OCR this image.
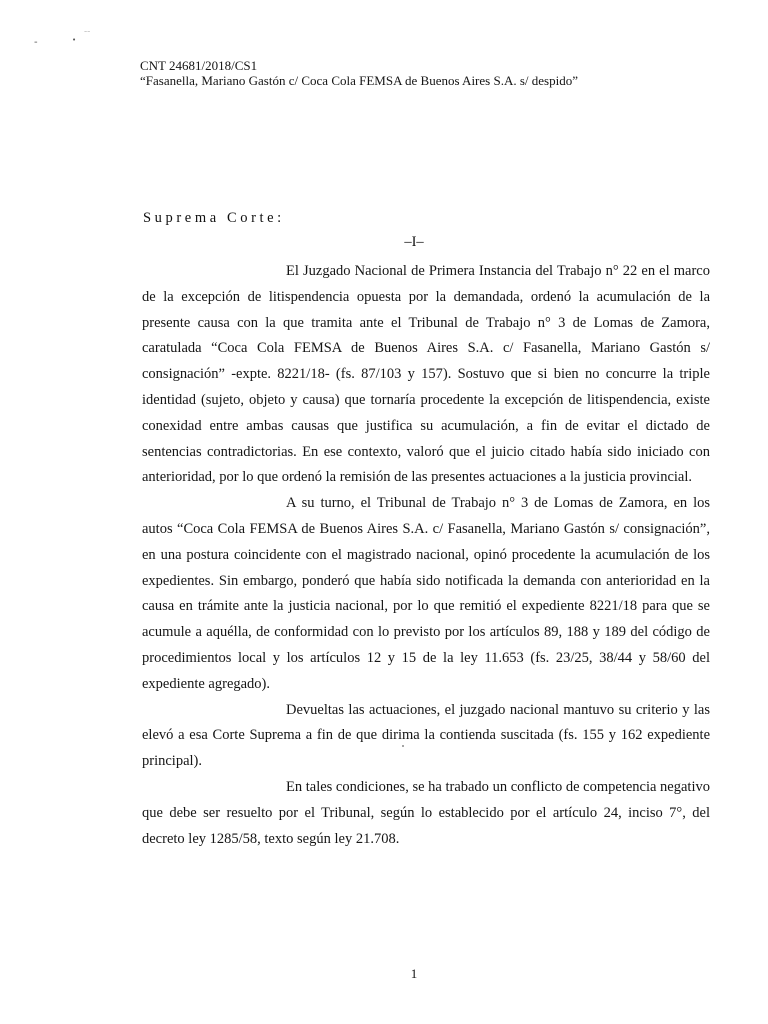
-	•
⁻⁻
CNT 24681/2018/CS1
“Fasanella, Mariano Gastón c/ Coca Cola FEMSA de Buenos Aires S.A. s/ despido”
Suprema Corte:
–I–

El Juzgado Nacional de Primera Instancia del Trabajo n° 22 en el marco de la excepción de litispendencia opuesta por la demandada, ordenó la acumulación de la presente causa con la que tramita ante el Tribunal de Trabajo n° 3 de Lomas de Zamora, caratulada “Coca Cola FEMSA de Buenos Aires S.A. c/ Fasanella, Mariano Gastón s/ consignación” -expte. 8221/18- (fs. 87/103 y 157). Sostuvo que si bien no concurre la triple identidad (sujeto, objeto y causa) que tornaría procedente la excepción de litispendencia, existe conexidad entre ambas causas que justifica su acumulación, a fin de evitar el dictado de sentencias contradictorias. En ese contexto, valoró que el juicio citado había sido iniciado con anterioridad, por lo que ordenó la remisión de las presentes actuaciones a la justicia provincial.

A su turno, el Tribunal de Trabajo n° 3 de Lomas de Zamora, en los autos “Coca Cola FEMSA de Buenos Aires S.A. c/ Fasanella, Mariano Gastón s/ consignación”, en una postura coincidente con el magistrado nacional, opinó procedente la acumulación de los expedientes. Sin embargo, ponderó que había sido notificada la demanda con anterioridad en la causa en trámite ante la justicia nacional, por lo que remitió el expediente 8221/18 para que se acumule a aquélla, de conformidad con lo previsto por los artículos 89, 188 y 189 del código de procedimientos local y los artículos 12 y 15 de la ley 11.653 (fs. 23/25, 38/44 y 58/60 del expediente agregado).

Devueltas las actuaciones, el juzgado nacional mantuvo su criterio y las elevó a esa Corte Suprema a fin de que dirima la contienda suscitada (fs. 155 y 162 expediente principal).

En tales condiciones, se ha trabado un conflicto de competencia negativo que debe ser resuelto por el Tribunal, según lo establecido por el artículo 24, inciso 7°, del decreto ley 1285/58, texto según ley 21.708.

1
